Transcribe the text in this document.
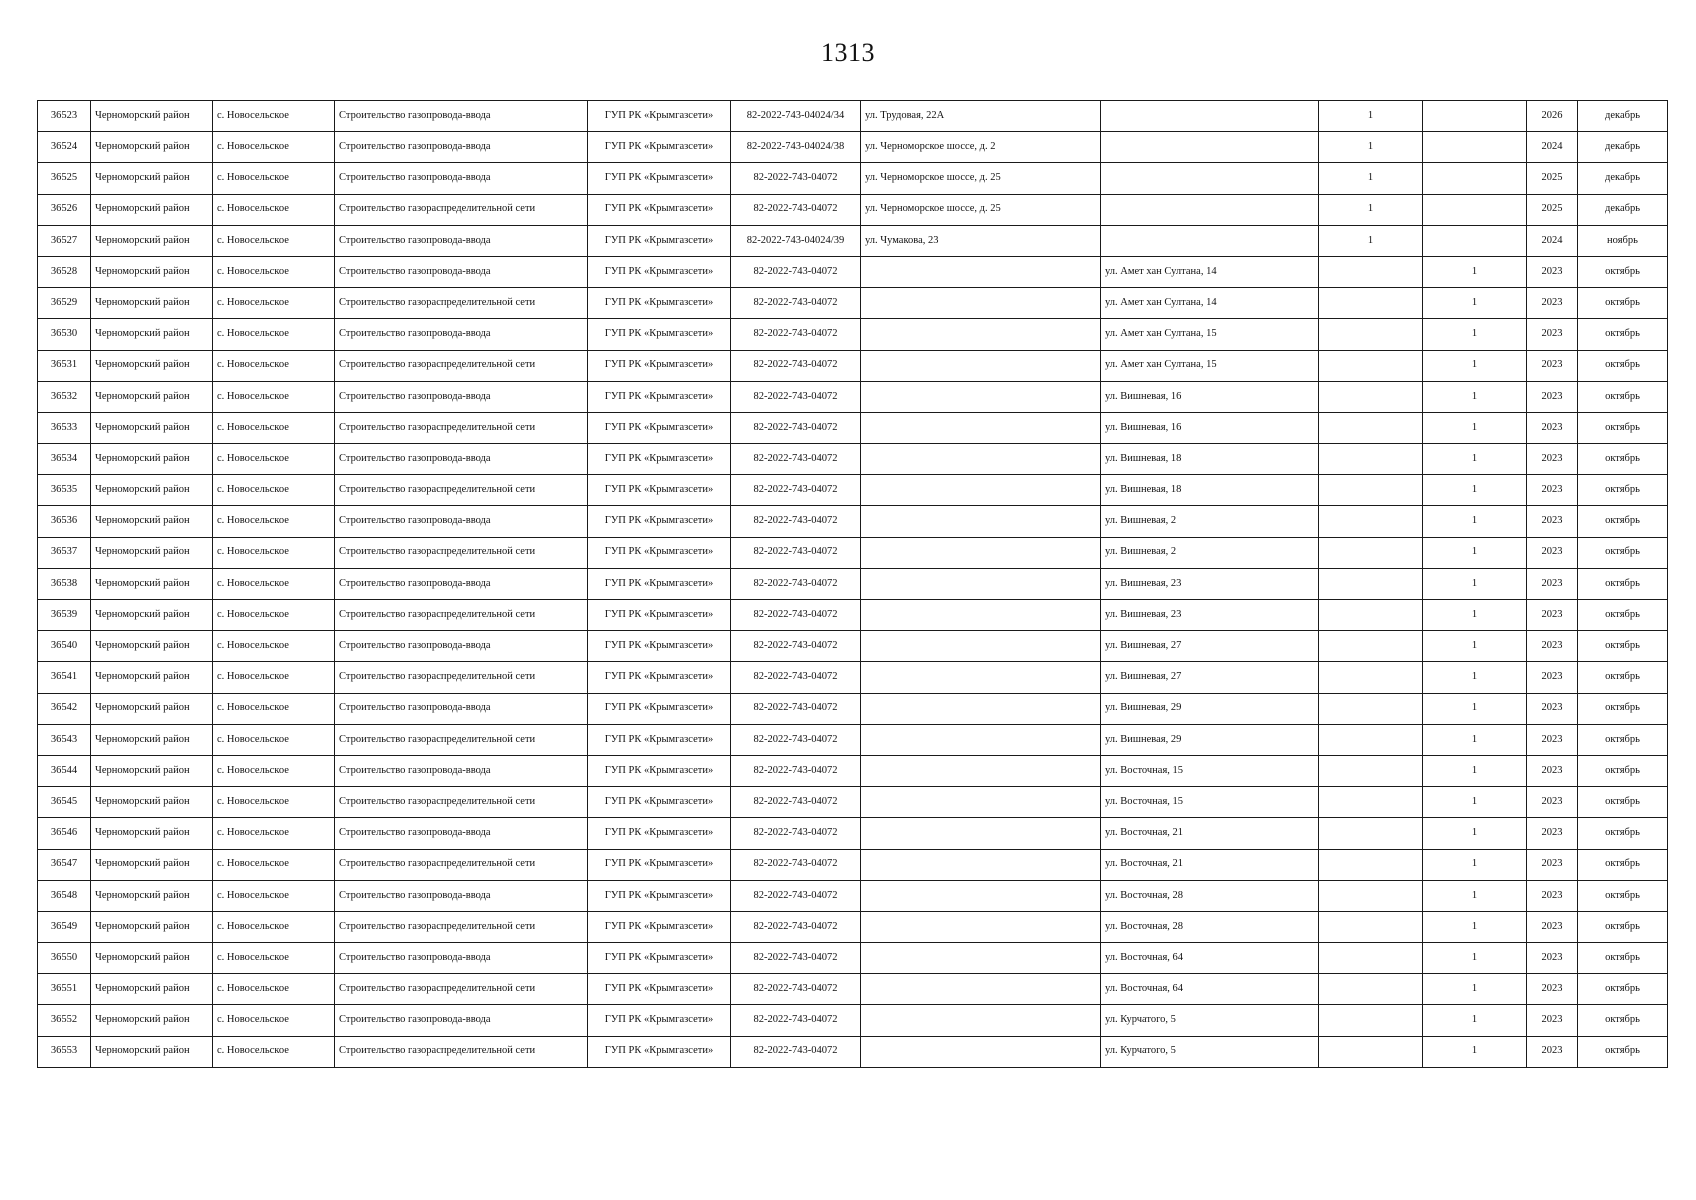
1313
36523	Черноморский район	с. Новосельское	Строительство газопровода-ввода	ГУП РК «Крымгазсети»	82-2022-743-04024/34	ул. Трудовая, 22А		1		2026	декабрь
36524	Черноморский район	с. Новосельское	Строительство газопровода-ввода	ГУП РК «Крымгазсети»	82-2022-743-04024/38	ул. Черноморское шоссе, д. 2		1		2024	декабрь
36525	Черноморский район	с. Новосельское	Строительство газопровода-ввода	ГУП РК «Крымгазсети»	82-2022-743-04072	ул. Черноморское шоссе, д. 25		1		2025	декабрь
36526	Черноморский район	с. Новосельское	Строительство газораспределительной сети	ГУП РК «Крымгазсети»	82-2022-743-04072	ул. Черноморское шоссе, д. 25		1		2025	декабрь
36527	Черноморский район	с. Новосельское	Строительство газопровода-ввода	ГУП РК «Крымгазсети»	82-2022-743-04024/39	ул. Чумакова, 23		1		2024	ноябрь
36528	Черноморский район	с. Новосельское	Строительство газопровода-ввода	ГУП РК «Крымгазсети»	82-2022-743-04072		ул. Амет хан Султана, 14		1	2023	октябрь
36529	Черноморский район	с. Новосельское	Строительство газораспределительной сети	ГУП РК «Крымгазсети»	82-2022-743-04072		ул. Амет хан Султана, 14		1	2023	октябрь
36530	Черноморский район	с. Новосельское	Строительство газопровода-ввода	ГУП РК «Крымгазсети»	82-2022-743-04072		ул. Амет хан Султана, 15		1	2023	октябрь
36531	Черноморский район	с. Новосельское	Строительство газораспределительной сети	ГУП РК «Крымгазсети»	82-2022-743-04072		ул. Амет хан Султана, 15		1	2023	октябрь
36532	Черноморский район	с. Новосельское	Строительство газопровода-ввода	ГУП РК «Крымгазсети»	82-2022-743-04072		ул. Вишневая, 16		1	2023	октябрь
36533	Черноморский район	с. Новосельское	Строительство газораспределительной сети	ГУП РК «Крымгазсети»	82-2022-743-04072		ул. Вишневая, 16		1	2023	октябрь
36534	Черноморский район	с. Новосельское	Строительство газопровода-ввода	ГУП РК «Крымгазсети»	82-2022-743-04072		ул. Вишневая, 18		1	2023	октябрь
36535	Черноморский район	с. Новосельское	Строительство газораспределительной сети	ГУП РК «Крымгазсети»	82-2022-743-04072		ул. Вишневая, 18		1	2023	октябрь
36536	Черноморский район	с. Новосельское	Строительство газопровода-ввода	ГУП РК «Крымгазсети»	82-2022-743-04072		ул. Вишневая, 2		1	2023	октябрь
36537	Черноморский район	с. Новосельское	Строительство газораспределительной сети	ГУП РК «Крымгазсети»	82-2022-743-04072		ул. Вишневая, 2		1	2023	октябрь
36538	Черноморский район	с. Новосельское	Строительство газопровода-ввода	ГУП РК «Крымгазсети»	82-2022-743-04072		ул. Вишневая, 23		1	2023	октябрь
36539	Черноморский район	с. Новосельское	Строительство газораспределительной сети	ГУП РК «Крымгазсети»	82-2022-743-04072		ул. Вишневая, 23		1	2023	октябрь
36540	Черноморский район	с. Новосельское	Строительство газопровода-ввода	ГУП РК «Крымгазсети»	82-2022-743-04072		ул. Вишневая, 27		1	2023	октябрь
36541	Черноморский район	с. Новосельское	Строительство газораспределительной сети	ГУП РК «Крымгазсети»	82-2022-743-04072		ул. Вишневая, 27		1	2023	октябрь
36542	Черноморский район	с. Новосельское	Строительство газопровода-ввода	ГУП РК «Крымгазсети»	82-2022-743-04072		ул. Вишневая, 29		1	2023	октябрь
36543	Черноморский район	с. Новосельское	Строительство газораспределительной сети	ГУП РК «Крымгазсети»	82-2022-743-04072		ул. Вишневая, 29		1	2023	октябрь
36544	Черноморский район	с. Новосельское	Строительство газопровода-ввода	ГУП РК «Крымгазсети»	82-2022-743-04072		ул. Восточная, 15		1	2023	октябрь
36545	Черноморский район	с. Новосельское	Строительство газораспределительной сети	ГУП РК «Крымгазсети»	82-2022-743-04072		ул. Восточная, 15		1	2023	октябрь
36546	Черноморский район	с. Новосельское	Строительство газопровода-ввода	ГУП РК «Крымгазсети»	82-2022-743-04072		ул. Восточная, 21		1	2023	октябрь
36547	Черноморский район	с. Новосельское	Строительство газораспределительной сети	ГУП РК «Крымгазсети»	82-2022-743-04072		ул. Восточная, 21		1	2023	октябрь
36548	Черноморский район	с. Новосельское	Строительство газопровода-ввода	ГУП РК «Крымгазсети»	82-2022-743-04072		ул. Восточная, 28		1	2023	октябрь
36549	Черноморский район	с. Новосельское	Строительство газораспределительной сети	ГУП РК «Крымгазсети»	82-2022-743-04072		ул. Восточная, 28		1	2023	октябрь
36550	Черноморский район	с. Новосельское	Строительство газопровода-ввода	ГУП РК «Крымгазсети»	82-2022-743-04072		ул. Восточная, 64		1	2023	октябрь
36551	Черноморский район	с. Новосельское	Строительство газораспределительной сети	ГУП РК «Крымгазсети»	82-2022-743-04072		ул. Восточная, 64		1	2023	октябрь
36552	Черноморский район	с. Новосельское	Строительство газопровода-ввода	ГУП РК «Крымгазсети»	82-2022-743-04072		ул. Курчатого, 5		1	2023	октябрь
36553	Черноморский район	с. Новосельское	Строительство газораспределительной сети	ГУП РК «Крымгазсети»	82-2022-743-04072		ул. Курчатого, 5		1	2023	октябрь
